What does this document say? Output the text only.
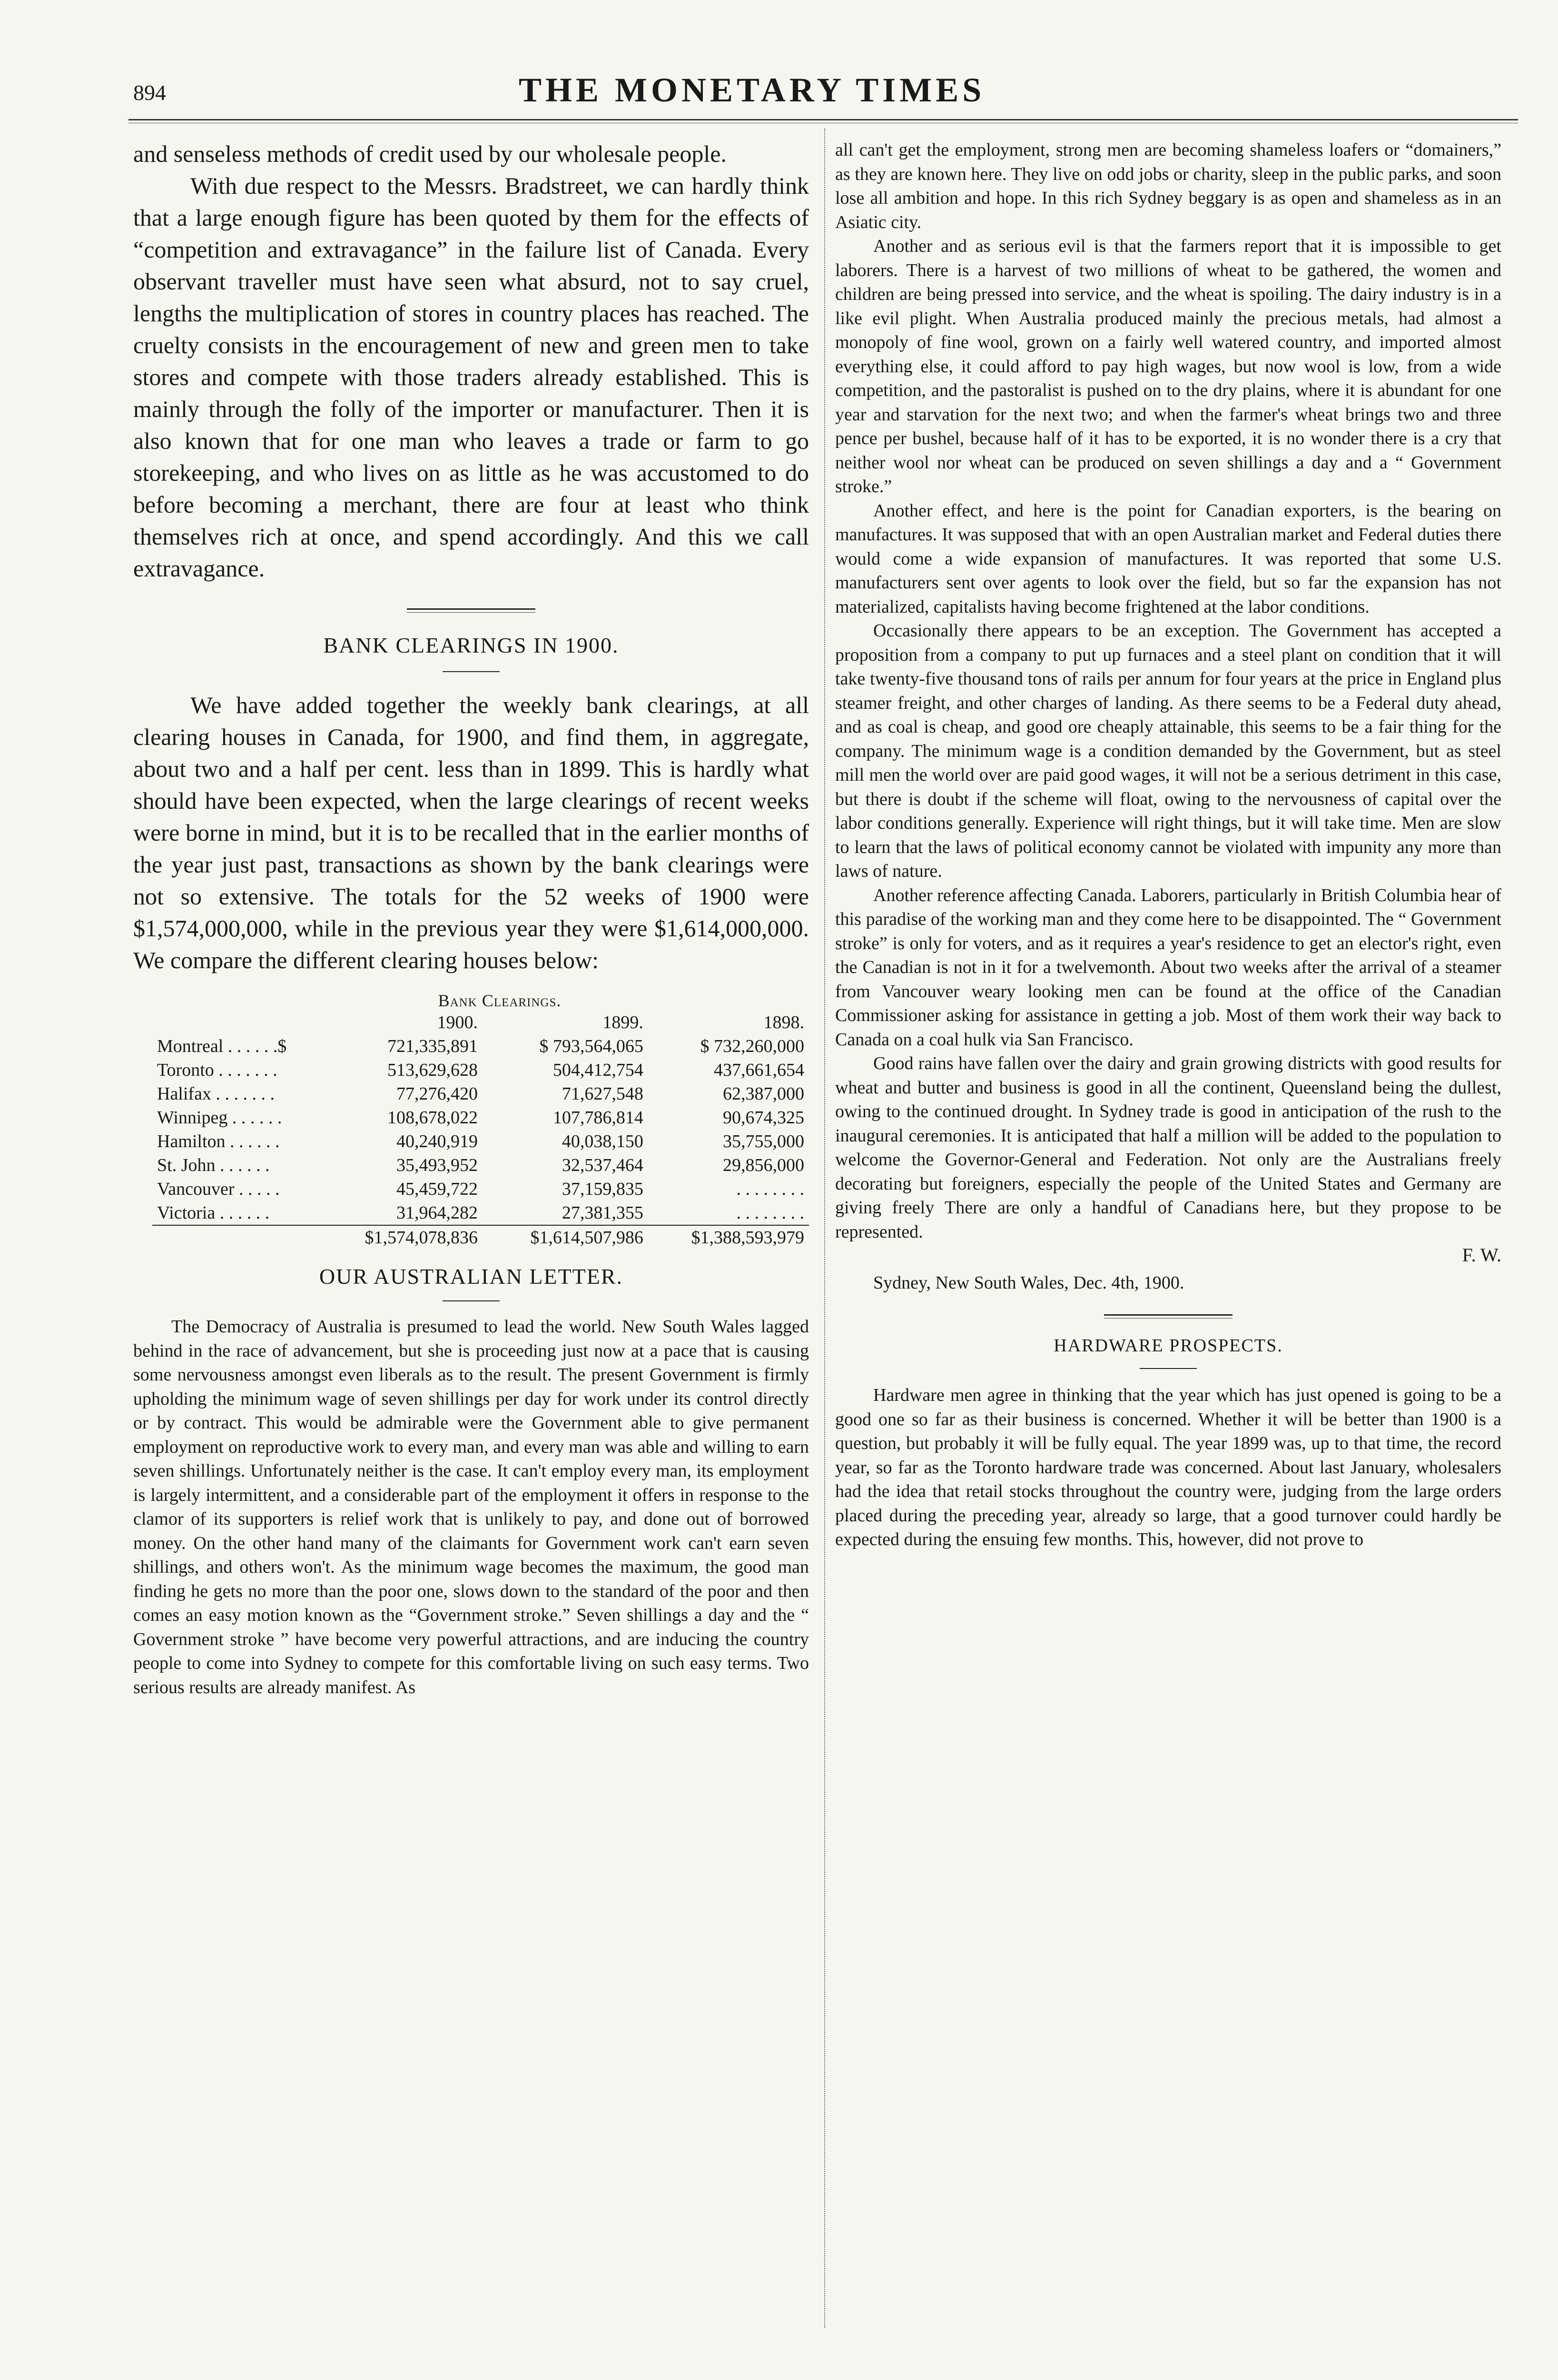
894	THE MONETARY TIMES

and senseless methods of credit used by our wholesale people.

With due respect to the Messrs. Bradstreet, we can hardly think that a large enough figure has been quoted by them for the effects of “competition and extravagance” in the failure list of Canada. Every observant traveller must have seen what absurd, not to say cruel, lengths the multiplication of stores in country places has reached. The cruelty consists in the encouragement of new and green men to take stores and compete with those traders already established. This is mainly through the folly of the importer or manufacturer. Then it is also known that for one man who leaves a trade or farm to go storekeeping, and who lives on as little as he was accustomed to do before becoming a merchant, there are four at least who think themselves rich at once, and spend accordingly. And this we call extravagance.

BANK CLEARINGS IN 1900.

We have added together the weekly bank clearings, at all clearing houses in Canada, for 1900, and find them, in aggregate, about two and a half per cent. less than in 1899. This is hardly what should have been expected, when the large clearings of recent weeks were borne in mind, but it is to be recalled that in the earlier months of the year just past, transactions as shown by the bank clearings were not so extensive. The totals for the 52 weeks of 1900 were $1,574,000,000, while in the previous year they were $1,614,000,000. We compare the different clearing houses below:

Bank Clearings.
	1900.	1899.	1898.
Montreal . . . . . .$	721,335,891	$ 793,564,065	$ 732,260,000
Toronto . . . . . . .	513,629,628	504,412,754	437,661,654
Halifax . . . . . . .	77,276,420	71,627,548	62,387,000
Winnipeg . . . . . .	108,678,022	107,786,814	90,674,325
Hamilton . . . . . .	40,240,919	40,038,150	35,755,000
St. John . . . . . .	35,493,952	32,537,464	29,856,000
Vancouver . . . . .	45,459,722	37,159,835	. . . . . . . .
Victoria . . . . . .	31,964,282	27,381,355	. . . . . . . .
	$1,574,078,836	$1,614,507,986	$1,388,593,979

OUR AUSTRALIAN LETTER.

The Democracy of Australia is presumed to lead the world. New South Wales lagged behind in the race of advancement, but she is proceeding just now at a pace that is causing some nervousness amongst even liberals as to the result. The present Government is firmly upholding the minimum wage of seven shillings per day for work under its control directly or by contract. This would be admirable were the Government able to give permanent employment on reproductive work to every man, and every man was able and willing to earn seven shillings. Unfortunately neither is the case. It can't employ every man, its employment is largely intermittent, and a considerable part of the employment it offers in response to the clamor of its supporters is relief work that is unlikely to pay, and done out of borrowed money. On the other hand many of the claimants for Government work can't earn seven shillings, and others won't. As the minimum wage becomes the maximum, the good man finding he gets no more than the poor one, slows down to the standard of the poor and then comes an easy motion known as the “Government stroke.” Seven shillings a day and the “ Government stroke ” have become very powerful attractions, and are inducing the country people to come into Sydney to compete for this comfortable living on such easy terms. Two serious results are already manifest. As

all can't get the employment, strong men are becoming shameless loafers or “domainers,” as they are known here. They live on odd jobs or charity, sleep in the public parks, and soon lose all ambition and hope. In this rich Sydney beggary is as open and shameless as in an Asiatic city.

Another and as serious evil is that the farmers report that it is impossible to get laborers. There is a harvest of two millions of wheat to be gathered, the women and children are being pressed into service, and the wheat is spoiling. The dairy industry is in a like evil plight. When Australia produced mainly the precious metals, had almost a monopoly of fine wool, grown on a fairly well watered country, and imported almost everything else, it could afford to pay high wages, but now wool is low, from a wide competition, and the pastoralist is pushed on to the dry plains, where it is abundant for one year and starvation for the next two; and when the farmer's wheat brings two and three pence per bushel, because half of it has to be exported, it is no wonder there is a cry that neither wool nor wheat can be produced on seven shillings a day and a “ Government stroke.”

Another effect, and here is the point for Canadian exporters, is the bearing on manufactures. It was supposed that with an open Australian market and Federal duties there would come a wide expansion of manufactures. It was reported that some U.S. manufacturers sent over agents to look over the field, but so far the expansion has not materialized, capitalists having become frightened at the labor conditions.

Occasionally there appears to be an exception. The Government has accepted a proposition from a company to put up furnaces and a steel plant on condition that it will take twenty-five thousand tons of rails per annum for four years at the price in England plus steamer freight, and other charges of landing. As there seems to be a Federal duty ahead, and as coal is cheap, and good ore cheaply attainable, this seems to be a fair thing for the company. The minimum wage is a condition demanded by the Government, but as steel mill men the world over are paid good wages, it will not be a serious detriment in this case, but there is doubt if the scheme will float, owing to the nervousness of capital over the labor conditions generally. Experience will right things, but it will take time. Men are slow to learn that the laws of political economy cannot be violated with impunity any more than laws of nature.

Another reference affecting Canada. Laborers, particularly in British Columbia hear of this paradise of the working man and they come here to be disappointed. The “ Government stroke” is only for voters, and as it requires a year's residence to get an elector's right, even the Canadian is not in it for a twelvemonth. About two weeks after the arrival of a steamer from Vancouver weary looking men can be found at the office of the Canadian Commissioner asking for assistance in getting a job. Most of them work their way back to Canada on a coal hulk via San Francisco.

Good rains have fallen over the dairy and grain growing districts with good results for wheat and butter and business is good in all the continent, Queensland being the dullest, owing to the continued drought. In Sydney trade is good in anticipation of the rush to the inaugural ceremonies. It is anticipated that half a million will be added to the population to welcome the Governor-General and Federation. Not only are the Australians freely decorating but foreigners, especially the people of the United States and Germany are giving freely There are only a handful of Canadians here, but they propose to be represented.

F. W.

Sydney, New South Wales, Dec. 4th, 1900.

HARDWARE PROSPECTS.

Hardware men agree in thinking that the year which has just opened is going to be a good one so far as their business is concerned. Whether it will be better than 1900 is a question, but probably it will be fully equal. The year 1899 was, up to that time, the record year, so far as the Toronto hardware trade was concerned. About last January, wholesalers had the idea that retail stocks throughout the country were, judging from the large orders placed during the preceding year, already so large, that a good turnover could hardly be expected during the ensuing few months. This, however, did not prove to
